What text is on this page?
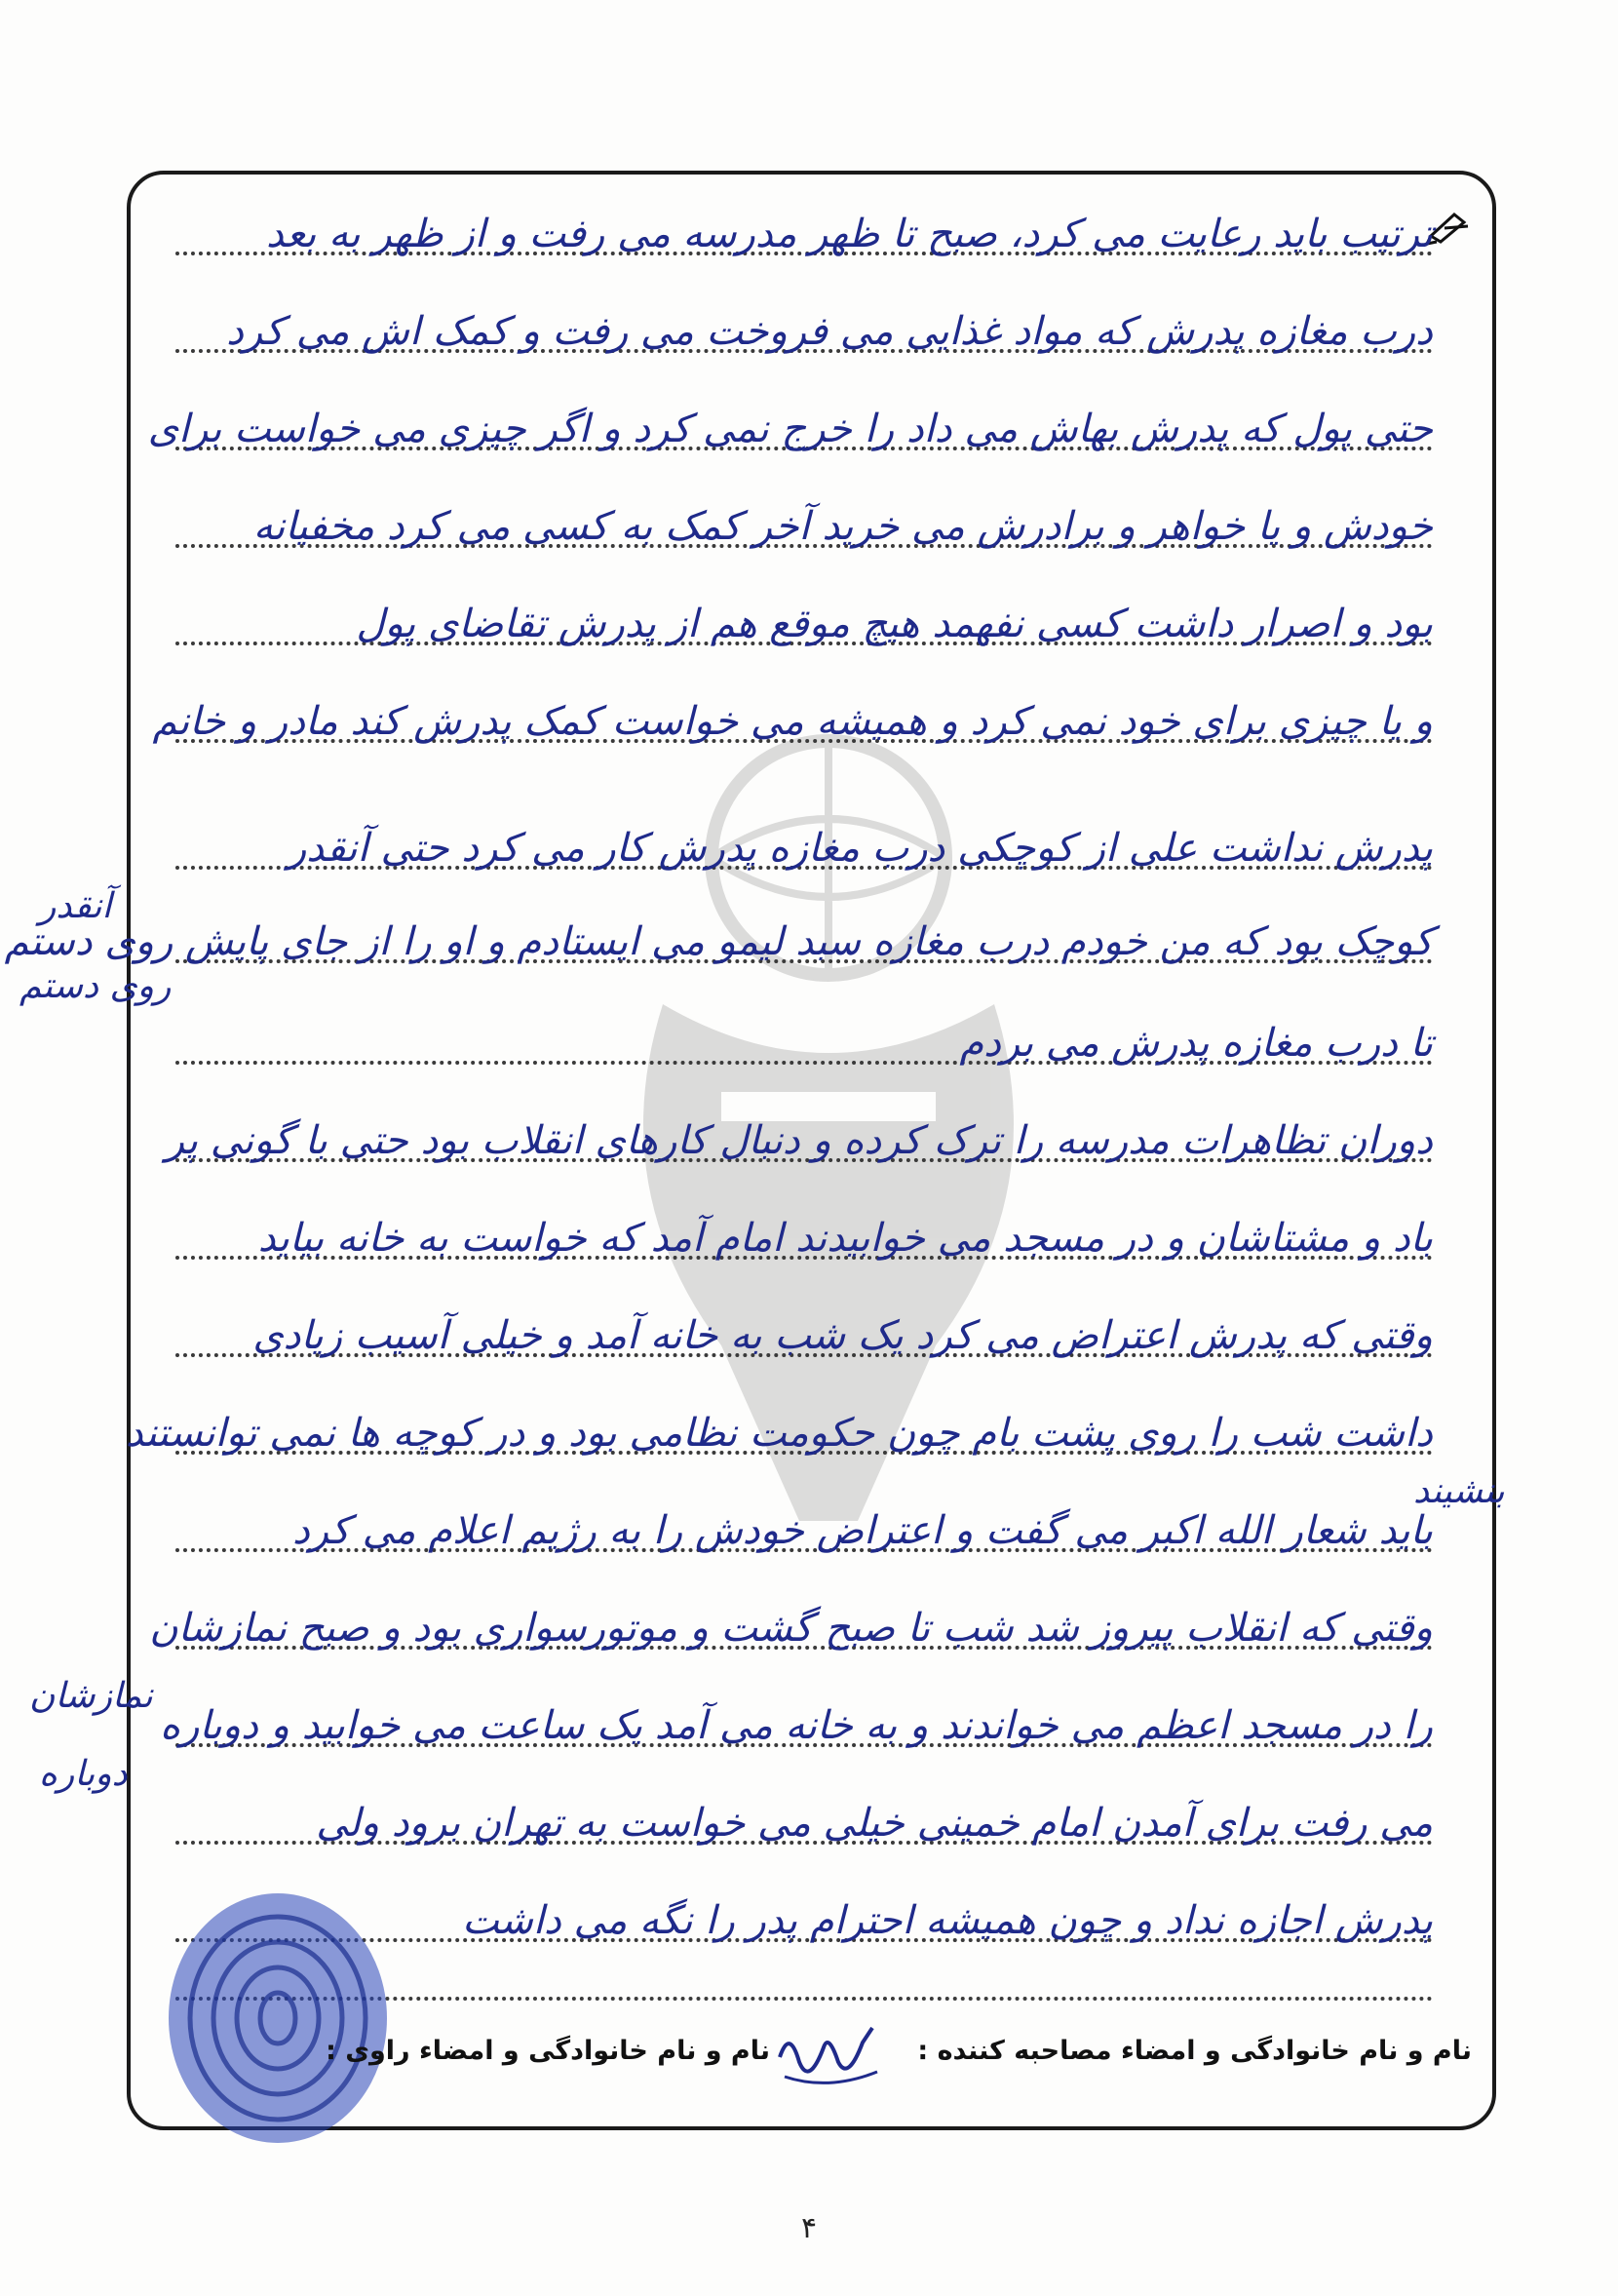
ترتیب باید رعایت می کرد، صبح تا ظهر مدرسه می رفت و از ظهر به بعد
درب مغازه پدرش که مواد غذایی می فروخت می رفت و کمک اش می کرد
حتی پول که پدرش بهاش می داد را خرج نمی کرد و اگر چیزی می خواست برای
خودش و یا خواهر و برادرش می خرید آخر کمک به کسی می کرد مخفیانه
بود و اصرار داشت کسی نفهمد هیچ موقع هم از پدرش تقاضای پول
و یا چیزی برای خود نمی کرد و همیشه می خواست کمک پدرش کند مادر و خانم
پدرش نداشت علی از کوچکی درب مغازه پدرش کار می کرد حتی آنقدر
کوچک بود که من خودم درب مغازه سبد لیمو می ایستادم و او را از جای پایش روی دستم
تا درب مغازه پدرش می بردم
دوران تظاهرات مدرسه را ترک کرده و دنبال کارهای انقلاب بود حتی با گونی پر
باد و مشتاشان و در مسجد می خوابیدند امام آمد که خواست به خانه بیاید
وقتی که پدرش اعتراض می کرد یک شب به خانه آمد و خیلی آسیب زیادی
داشت شب را روی پشت بام چون حکومت نظامی بود و در کوچه ها نمی توانستند
باید شعار الله اکبر می گفت و اعتراض خودش را به رژیم اعلام می کرد
وقتی که انقلاب پیروز شد شب تا صبح گشت و موتورسواری بود و صبح نمازشان
را در مسجد اعظم می خواندند و به خانه می آمد یک ساعت می خوابید و دوباره
می رفت برای آمدن امام خمینی خیلی می خواست به تهران برود ولی
پدرش اجازه نداد و چون همیشه احترام پدر را نگه می داشت
آنقدر
روی دستم
بنشیند
نمازشان
دوباره
نام و نام خانوادگی و امضاء راوی :	نام و نام خانوادگی و امضاء مصاحبه کننده :
۴
